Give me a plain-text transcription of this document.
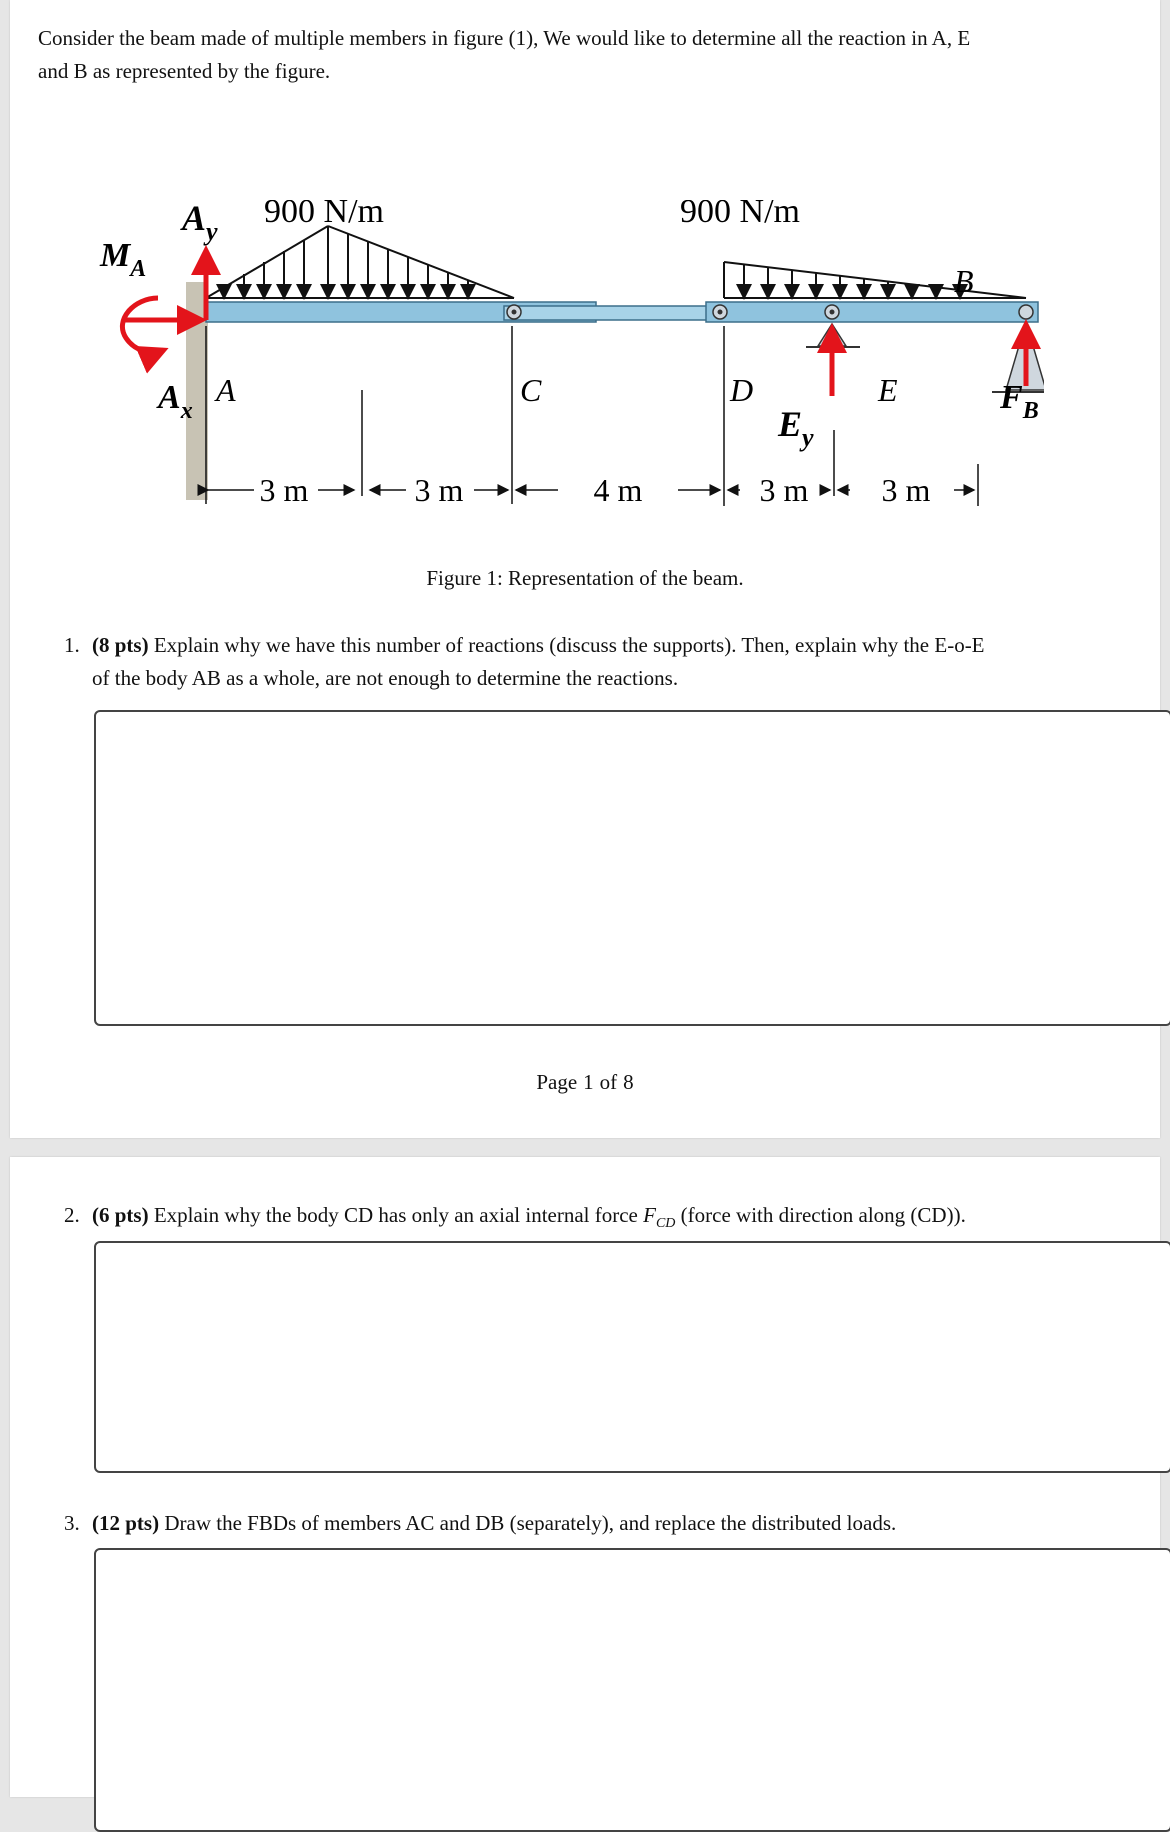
Consider the beam made of multiple members in figure (1), We would like to determine all the reaction in A, E
and B as represented by the figure.
900 N/m	900 N/m
$A_y$
$M_A$
$A_x$
A	C	D	E
B
$E_y$
$F_B$
3 m	3 m	4 m	3 m 3 m
Figure 1: Representation of the beam.
1. (8 pts) Explain why we have this number of reactions (discuss the supports). Then, explain why the E-o-E
of the body AB as a whole, are not enough to determine the reactions.
Page 1 of 8
2. (6 pts) Explain why the body CD has only an axial internal force $F_{CD}$ (force with direction along (CD)).
3. (12 pts) Draw the FBDs of members AC and DB (separately), and replace the distributed loads.
